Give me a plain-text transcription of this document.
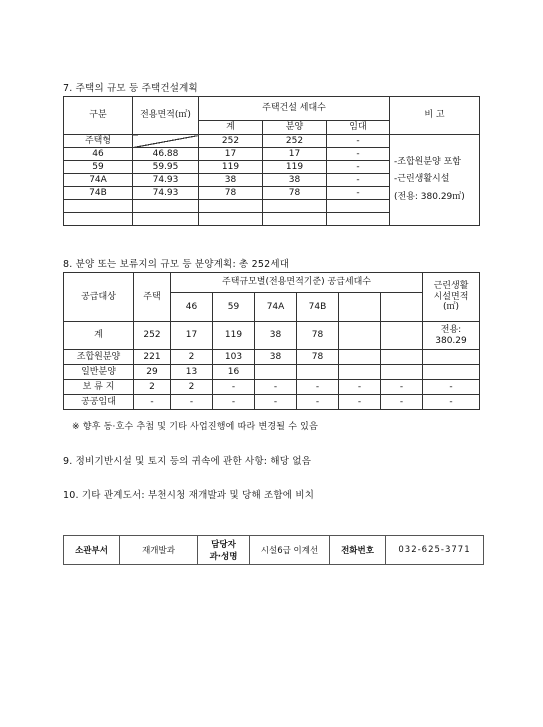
7. 주택의 규모 등 주택건설계획
구분	전용면적(㎡)	주택건설 세대수			비 고
		계	분양	임대	
주택형		252	252	-	-조합원분양 포함
-근린생활시설
(전용: 380.29㎡)

46	46.88	17	17	-	
59	59.95	119	119	-	
74A	74.93	38	38	-	
74B	74.93	78	78	-	

8. 분양 또는 보류지의 규모 등 분양계획: 총 252세대
공급대상	주택	주택규모별(전용면적기준) 공급세대수						근린생활
시설면적
(㎡)

		46	59	74A	74B			
계	252	17	119	38	78			전용:
380.29

조합원분양	221	2	103	38	78			
일반분양	29	13	16					
보 류 지	2	2	-	-	-	-	-	-
공공임대	-	-	-	-	-	-	-	-
※ 향후 동·호수 추첨 및 기타 사업진행에 따라 변경될 수 있음
9. 정비기반시설 및 토지 등의 귀속에 관한 사항: 해당 없음
10. 기타 관계도서: 부천시청 재개발과 및 당해 조합에 비치
소관부서	재개발과	
담당자
과·성명
	시설6급 이계선	전화번호	032-625-3771
